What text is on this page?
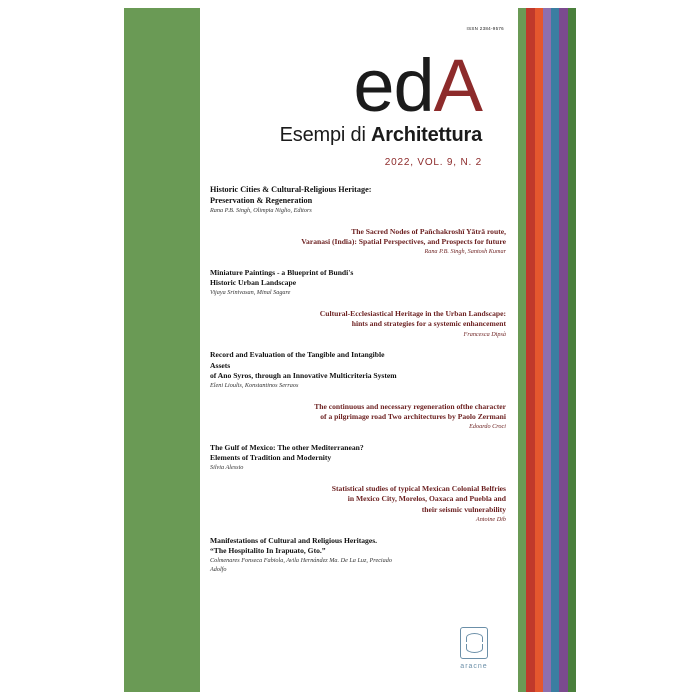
ISSN 2384-9576
edA
Esempi di Architettura
2022, VOL. 9, N. 2
Historic Cities & Cultural-Religious Heritage:
Preservation & Regeneration
Rana P.B. Singh, Olimpia Niglio, Editors
The Sacred Nodes of Pañchakroshī Yātrā route,
Varanasi (India): Spatial Perspectives, and Prospects for future
Rana P.B. Singh, Santosh Kumar
Miniature Paintings - a Blueprint of Bundi's
Historic Urban Landscape
Vijaya Srinivasan, Minal Sagare
Cultural-Ecclesiastical Heritage in the Urban Landscape:
hints and strategies for a systemic enhancement
Francesca Dipsà
Record and Evaluation of the Tangible and Intangible Assets
of Ano Syros, through an Innovative Multicriteria System
Eleni Lioulis, Konstantinos Serraos
The continuous and necessary regeneration ofthe character
of a pilgrimage road Two architectures by Paolo Zermani
Edoardo Croci
The Gulf of Mexico: The other Mediterranean?
Elements of Tradition and Modernity
Silvia Alessio
Statistical studies of typical Mexican Colonial Belfries
in Mexico City, Morelos, Oaxaca and Puebla and
their seismic vulnerability
Antoine Dib
Manifestations of Cultural and Religious Heritages.
“The Hospitalito In Irapuato, Gto.”
Colmenares Fonseca Fabiola, Avila Hernández Ma. De La Luz, Preciado Adolfo
aracne
